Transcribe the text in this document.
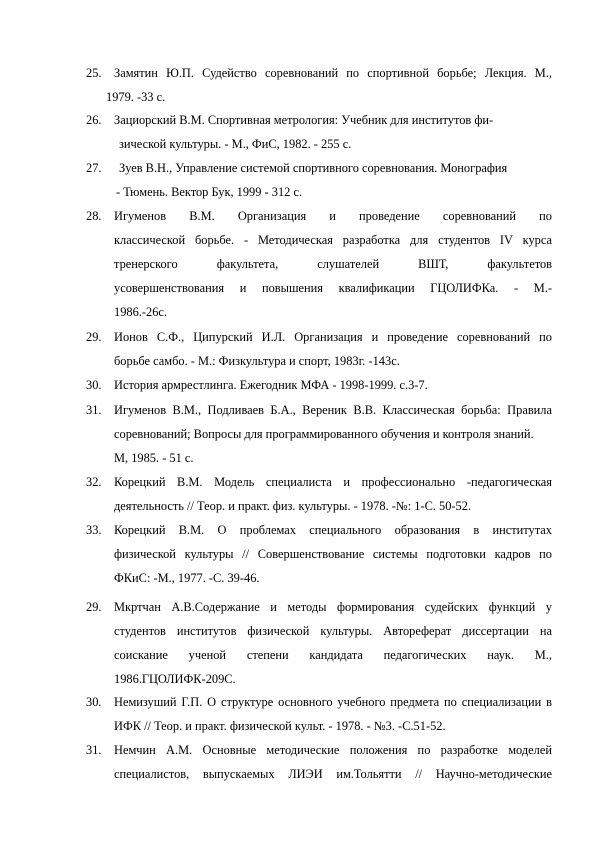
25. Замятин Ю.П. Судейство соревнований по спортивной борьбе; Лекция. М.,
1979. -33 с.
26. Зациорский В.М. Спортивная метрология: Учебник для институтов фи-
зической культуры. - М., ФиС, 1982. - 255 с.
27. Зуев В.Н., Управление системой спортивного соревнования. Монография
- Тюмень. Вектор Бук, 1999 - 312 с.
28. Игуменов В.М. Организация и проведение соревнований по
классической борьбе. - Методическая разработка для студентов IV курса
тренерского факультета, слушателей ВШТ, факультетов
усовершенствования и повышения квалификации ГЦОЛИФКа. - М.-
1986.-26с.
29. Ионов С.Ф., Ципурский И.Л. Организация и проведение соревнований по
борьбе самбо. - М.: Физкультура и спорт, 1983г. -143с.
30. История армрестлинга. Ежегодник МФА - 1998-1999. с.3-7.
31. Игуменов В.М., Подливаев Б.А., Вереник В.В. Классическая борьба: Правила
соревнований; Вопросы для программированного обучения и контроля знаний.
М, 1985. - 51 с.
32. Корецкий В.М. Модель специалиста и профессионально -педагогическая
деятельность // Теор. и практ. физ. культуры. - 1978. -№: 1-С. 50-52.
33. Корецкий В.М. О проблемах специального образования в институтах
физической культуры // Совершенствование системы подготовки кадров по
ФКиС: -М., 1977. -С. 39-46.
29. Мкртчан А.В.Содержание и методы формирования судейских функций у
студентов институтов физической культуры. Автореферат диссертации на
соискание ученой степени кандидата педагогических наук. М.,
1986.ГЦОЛИФК-209С.
30. Немизуший Г.П. О структуре основного учебного предмета по специализации в
ИФК // Теор. и практ. физической культ. - 1978. - №3. -С.51-52.
31. Немчин А.М. Основные методические положения по разработке моделей
специалистов, выпускаемых ЛИЭИ им.Тольятти // Научно-методические
